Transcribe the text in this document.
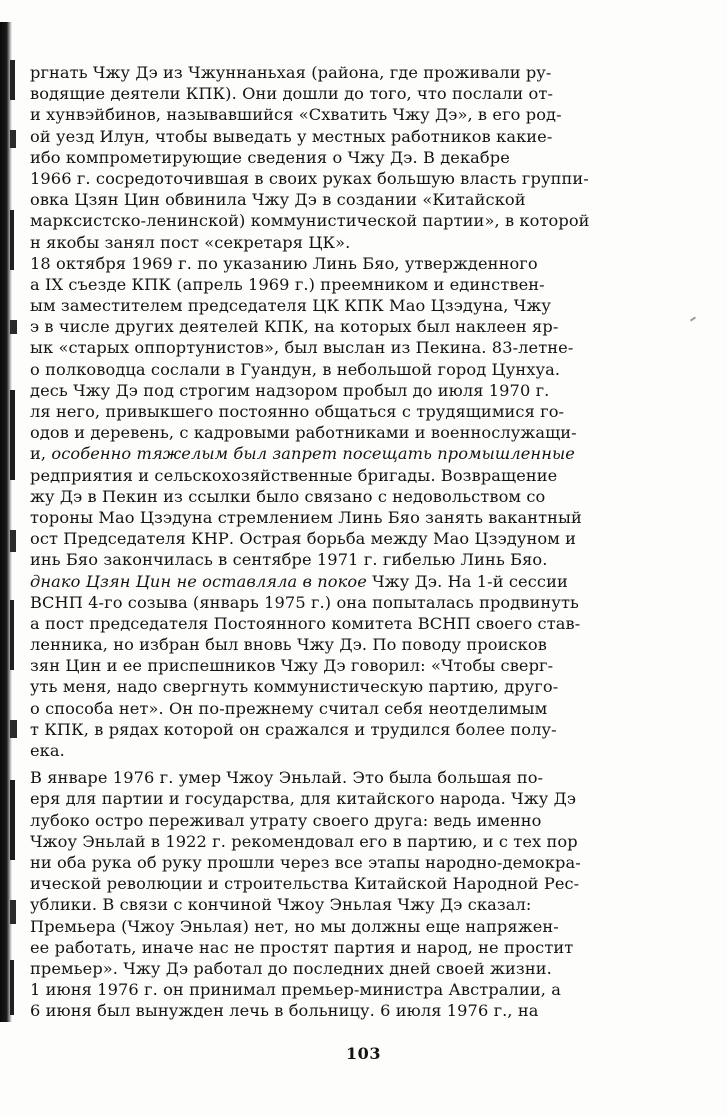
ргнать Чжу Дэ из Чжуннаньхая (района, где проживали ру-
водящие деятели КПК). Они дошли до того, что послали от-
и хунвэйбинов, называвшийся «Схватить Чжу Дэ», в его род-
ой уезд Илун, чтобы выведать у местных работников какие-
ибо компрометирующие сведения о Чжу Дэ. В декабре
1966 г. сосредоточившая в своих руках большую власть группи-
овка Цзян Цин обвинила Чжу Дэ в создании «Китайской
марксистско-ленинской) коммунистической партии», в которой
н якобы занял пост «секретаря ЦК».
18 октября 1969 г. по указанию Линь Бяо, утвержденного
а IX съезде КПК (апрель 1969 г.) преемником и единствен-
ым заместителем председателя ЦК КПК Мао Цзэдуна, Чжу
э в числе других деятелей КПК, на которых был наклеен яр-
ык «старых оппортунистов», был выслан из Пекина. 83-летне-
о полководца сослали в Гуандун, в небольшой город Цунхуа.
десь Чжу Дэ под строгим надзором пробыл до июля 1970 г.
ля него, привыкшего постоянно общаться с трудящимися го-
одов и деревень, с кадровыми работниками и военнослужащи-
и, особенно тяжелым был запрет посещать промышленные
редприятия и сельскохозяйственные бригады. Возвращение
жу Дэ в Пекин из ссылки было связано с недовольством со
тороны Мао Цзэдуна стремлением Линь Бяо занять вакантный
ост Председателя КНР. Острая борьба между Мао Цзэдуном и
инь Бяо закончилась в сентябре 1971 г. гибелью Линь Бяо.
днако Цзян Цин не оставляла в покое Чжу Дэ. На 1-й сессии
ВСНП 4-го созыва (январь 1975 г.) она попыталась продвинуть
а пост председателя Постоянного комитета ВСНП своего став-
ленника, но избран был вновь Чжу Дэ. По поводу происков
зян Цин и ее приспешников Чжу Дэ говорил: «Чтобы сверг-
уть меня, надо свергнуть коммунистическую партию, друго-
о способа нет». Он по-прежнему считал себя неотделимым
т КПК, в рядах которой он сражался и трудился более полу-
ека.
В январе 1976 г. умер Чжоу Эньлай. Это была большая по-
еря для партии и государства, для китайского народа. Чжу Дэ
лубоко остро переживал утрату своего друга: ведь именно
Чжоу Эньлай в 1922 г. рекомендовал его в партию, и с тех пор
ни оба рука об руку прошли через все этапы народно-демокра-
ической революции и строительства Китайской Народной Рес-
ублики. В связи с кончиной Чжоу Эньлая Чжу Дэ сказал:
Премьера (Чжоу Эньлая) нет, но мы должны еще напряжен-
ее работать, иначе нас не простят партия и народ, не простит
премьер». Чжу Дэ работал до последних дней своей жизни.
1 июня 1976 г. он принимал премьер-министра Австралии, а
6 июня был вынужден лечь в больницу. 6 июля 1976 г., на
103
